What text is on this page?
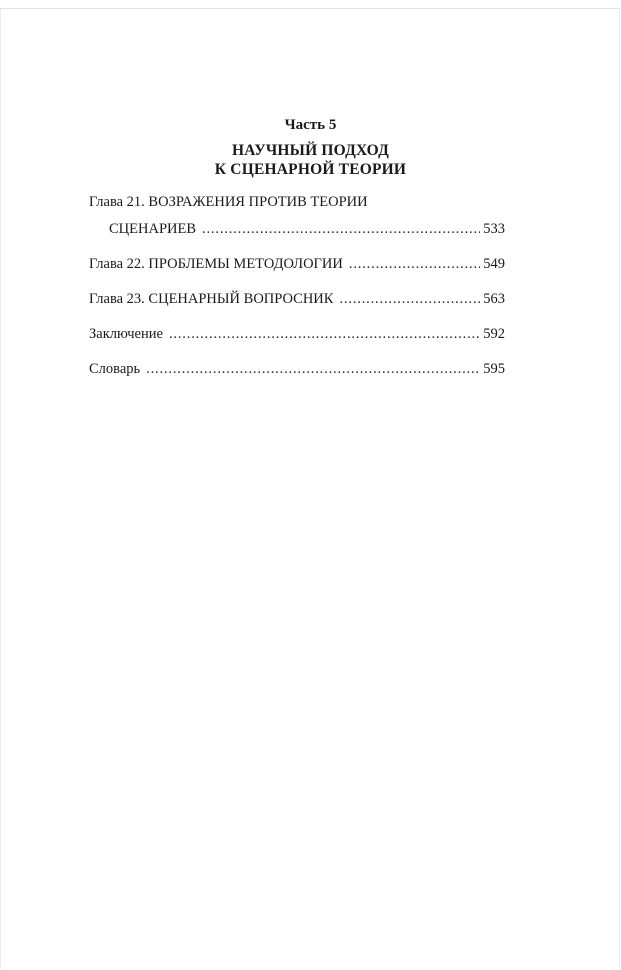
Часть 5
НАУЧНЫЙ ПОДХОД
К СЦЕНАРНОЙ ТЕОРИИ
Глава 21. ВОЗРАЖЕНИЯ ПРОТИВ ТЕОРИИ
СЦЕНАРИЕВ . . .	533
Глава 22. ПРОБЛЕМЫ МЕТОДОЛОГИИ . . .	549
Глава 23. СЦЕНАРНЫЙ ВОПРОСНИК . . .	563
Заключение . . .	592
Словарь . . .	595
